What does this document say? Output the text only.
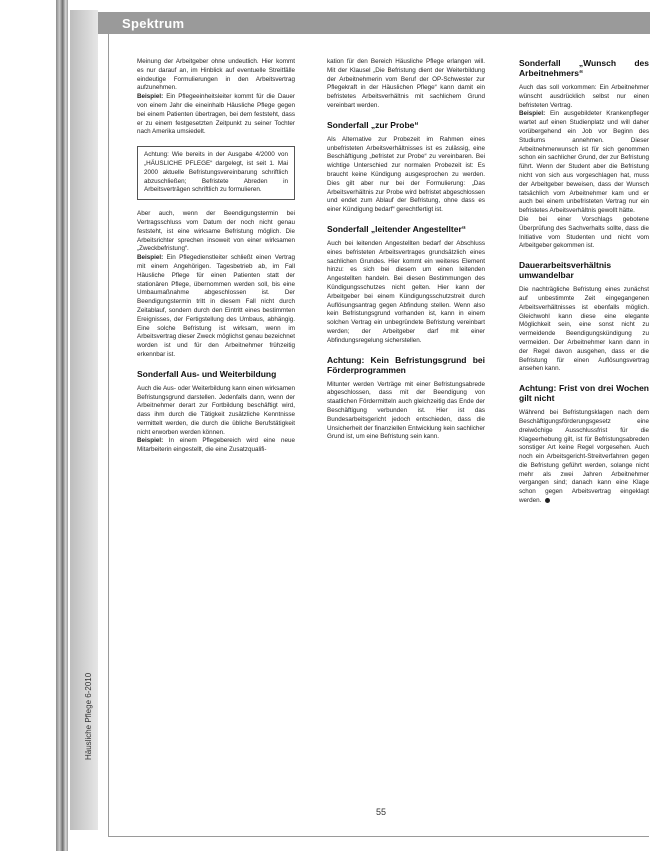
Spektrum
Häusliche Pflege 6-2010
55

Meinung der Arbeitgeber ohne undeutlich. Hier kommt es nur darauf an, im Hinblick auf eventuelle Streitfälle eindeutige Formulierungen in den Arbeitsvertrag aufzunehmen.

Beispiel: Ein Pflegeeinheitsleiter kommt für die Dauer von einem Jahr die eineinhalb Häusliche Pflege gegen bei einem Patienten übertragen, bei dem feststeht, dass er zu einem festgesetzten Zeitpunkt zu seiner Tochter nach Amerika umsiedelt.

Achtung: Wie bereits in der Ausgabe 4/2000 von „HÄUSLICHE PFLEGE“ dargelegt, ist seit 1. Mai 2000 aktuelle Befristungsvereinbarung schriftlich abzuschließen; Befristete Abreden in Arbeitsverträgen schriftlich zu formulieren.

Aber auch, wenn der Beendigungstermin bei Vertragsschluss vom Datum der noch nicht genau feststeht, ist eine wirksame Befristung möglich. Die Arbeitsrichter sprechen insoweit von einer wirksamen „Zweckbefristung“.

Beispiel: Ein Pflegedienstleiter schließt einen Vertrag mit einem Angehörigen. Tagesbetrieb ab, im Fall Häusliche Pflege für einen Patienten statt der stationären Pflege, übernommen werden soll, bis eine Umbaumaßnahme abgeschlossen ist. Der Beendigungstermin tritt in diesem Fall nicht durch Zeitablauf, sondern durch den Eintritt eines bestimmten Ereignisses, der Fertigstellung des Umbaus, abhängig. Eine solche Befristung ist wirksam, wenn im Arbeitsvertrag dieser Zweck möglichst genau bezeichnet worden ist und für den Arbeitnehmer frühzeitig erkennbar ist.

Sonderfall Aus- und Weiterbildung

Auch die Aus- oder Weiterbildung kann einen wirksamen Befristungsgrund darstellen. Jedenfalls dann, wenn der Arbeitnehmer derart zur Fortbildung beschäftigt wird, dass ihm durch die Tätigkeit zusätzliche Kenntnisse vermittelt werden, die durch die übliche Berufstätigkeit nicht erworben werden können.

Beispiel: In einem Pflegebereich wird eine neue Mitarbeiterin eingestellt, die eine Zusatzqualifi-

kation für den Bereich Häusliche Pflege erlangen will. Mit der Klausel „Die Befristung dient der Weiterbildung der Arbeitnehmerin vom Beruf der OP-Schwester zur Pflegekraft in der Häuslichen Pflege“ kann damit ein befristetes Arbeitsverhältnis mit sachlichem Grund vereinbart werden.

Sonderfall „zur Probe“

Als Alternative zur Probezeit im Rahmen eines unbefristeten Arbeitsverhältnisses ist es zulässig, eine Beschäftigung „befristet zur Probe“ zu vereinbaren. Bei wichtige Unterschied zur normalen Probezeit ist: Es braucht keine Kündigung ausgesprochen zu werden. Dies gilt aber nur bei der Formulierung: „Das Arbeitsverhältnis zur Probe wird befristet abgeschlossen und endet zum Ablauf der Befristung, ohne dass es einer Kündigung bedarf“ gerechtfertigt ist.

Sonderfall „leitender Angestellter“

Auch bei leitenden Angestellten bedarf der Abschluss eines befristeten Arbeitsvertrages grundsätzlich eines sachlichen Grundes. Hier kommt ein weiteres Element hinzu: es sich bei diesem um einen leitenden Angestellten handeln. Bei diesen Bestimmungen des Kündigungsschutzes nicht gelten. Hier kann der Arbeitgeber bei einem Kündigungsschutzstreit durch Auflösungsantrag gegen Abfindung stellen. Wenn also kein Befristungsgrund vorhanden ist, kann in einem solchen Vertrag ein unbegründete Befristung vereinbart werden; der Arbeitgeber darf mit einer Abfindungsregelung sicherstellen.

Achtung: Kein Befristungsgrund bei Förderprogrammen

Mitunter werden Verträge mit einer Befristungsabrede abgeschlossen, dass mit der Beendigung von staatlichen Fördermitteln auch gleichzeitig das Ende der Beschäftigung verbunden ist. Hier ist das Bundesarbeitsgericht jedoch entschieden, dass die Unsicherheit der finanziellen Entwicklung kein sachlicher Grund ist, um eine Befristung sein kann.

Sonderfall „Wunsch des Arbeitnehmers“

Auch das soll vorkommen: Ein Arbeitnehmer wünscht ausdrücklich selbst nur einen befristeten Vertrag.

Beispiel: Ein ausgebildeter Krankenpfleger wartet auf einen Studienplatz und will daher vorübergehend ein Job vor Beginn des Studiums annehmen. Dieser Arbeitnehmerwunsch ist für sich genommen schon ein sachlicher Grund, der zur Befristung führt. Wenn der Student aber die Befristung nicht von sich aus vorgeschlagen hat, muss der Arbeitgeber beweisen, dass der Wunsch tatsächlich vom Arbeitnehmer kam und er auch bei einem unbefristeten Vertrag nur ein befristetes Arbeitsverhältnis gewollt hätte.

Die bei einer Vorschlags gebotene Überprüfung des Sachverhalts sollte, dass die Initiative vom Studenten und nicht vom Arbeitgeber gekommen ist.

Dauerarbeitsverhältnis umwandelbar

Die nachträgliche Befristung eines zunächst auf unbestimmte Zeit eingegangenen Arbeitsverhältnisses ist ebenfalls möglich. Gleichwohl kann diese eine elegante Möglichkeit sein, eine sonst nicht zu vermeidende Beendigungskündigung zu vermeiden. Der Arbeitnehmer kann dann in der Regel davon ausgehen, dass er die Befristung für einen Auflösungsvertrag ansehen kann.

Achtung: Frist von drei Wochen gilt nicht

Während bei Befristungsklagen nach dem Beschäftigungsförderungsgesetz eine dreiwöchige Ausschlussfrist für die Klageerhebung gilt, ist für Befristungsabreden sonstiger Art keine Regel vorgesehen. Auch noch ein Arbeitsgericht-Streitverfahren gegen die Befristung geführt werden, solange nicht mehr als zwei Jahren Arbeitnehmer vergangen sind; danach kann eine Klage schon gegen Arbeitsvertrag eingeklagt werden.
